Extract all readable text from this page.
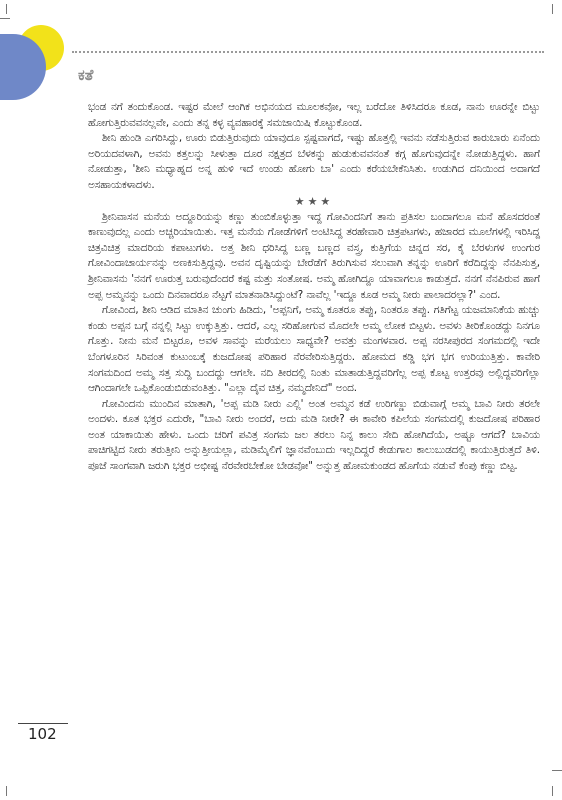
ಕತೆ

ಭಂಡ ನಗೆ ತಂದುಕೊಂಡ. ಇಷ್ಟರ ಮೇಲೆ ಆಂಗಿಕ ಅಭಿನಯದ ಮೂಲಕವೋ, ಇಲ್ಲ ಬರೆದೋ ತಿಳಿಸಿದರೂ ಕೂಡ, ನಾನು ಊರನ್ನೇ ಬಿಟ್ಟು ಹೋಗುತ್ತಿರುವವನಲ್ಲವೇ, ಎಂದು ತನ್ನ ಕಳ್ಳ ವ್ಯವಹಾರಕ್ಕೆ ಸಮಜಾಯಿಷಿ ಕೊಟ್ಟುಕೊಂಡ.

ಶೀನಿ ಹುಂಡಿ ಎಗರಿಸಿದ್ದು, ಊರು ಬಿಡುತ್ತಿರುವುದು ಯಾವುದೂ ಸ್ಪಷ್ಟವಾಗದೆ, ಇಷ್ಟು ಹೊತ್ತಲ್ಲಿ ಇವನು ನಡೆಸುತ್ತಿರುವ ಕಾರುಬಾರು ಏನೆಂದು ಅರಿಯದವಳಾಗಿ, ಅವನು ಕತ್ತಲನ್ನು ಸೀಳುತ್ತಾ ದೂರ ನಕ್ಷತ್ರದ ಬೆಳಕನ್ನು ಹುಡುಕುವವನಂತೆ ಕಗ್ಗ ಹೊಗುವುದನ್ನೇ ನೋಡುತ್ತಿದ್ದಳು. ಹಾಗೆ ನೋಡುತ್ತಾ, 'ಶೀನಿ ಮಧ್ಯಾಹ್ನದ ಅನ್ನ ಹುಳಿ ಇದೆ ಉಂಡು ಹೋಗು ಬಾ' ಎಂದು ಕರೆಯಬೇಕೆನಿಸಿತು. ಉಡುಗಿದ ದನಿಯಿಂದ ಅದಾಗದೆ ಅಸಹಾಯಕಳಾದಳು.

★★★

ಶ್ರೀನಿವಾಸನ ಮನೆಯ ಅದ್ದೂರಿಯನ್ನು ಕಣ್ಣು ತುಂಬಿಕೊಳ್ಳುತ್ತಾ ಇದ್ದ ಗೋವಿಂದನಿಗೆ ತಾನು ಪ್ರತಿಸಲ ಬಂದಾಗಲೂ ಮನೆ ಹೊಸದರಂತೆ ಕಾಣುವುದಲ್ಲ ಎಂದು ಅಚ್ಚರಿಯಾಯಿತು. ಇತ್ತ ಮನೆಯ ಗೋಡೆಗಳಿಗೆ ಅಂಟಿಸಿದ್ದ ತರಹೇವಾರಿ ಚಿತ್ರಪಟಗಳು, ಹಜಾರದ ಮೂಲೆಗಳಲ್ಲಿ ಇರಿಸಿದ್ದ ಚಿತ್ರವಿಚಿತ್ರ ಮಾದರಿಯ ಕಪಾಟುಗಳು. ಅತ್ತ ಶೀನಿ ಧರಿಸಿದ್ದ ಬಣ್ಣ ಬಣ್ಣದ ವಸ್ತ್ರ, ಕುತ್ತಿಗೆಯ ಚಿನ್ನದ ಸರ, ಕೈ ಬೆರಳುಗಳ ಉಂಗುರ ಗೋವಿಂದಾಚಾರ್ಯನನ್ನು ಅಣಕಿಸುತ್ತಿದ್ದವು. ಅವನ ದೃಷ್ಟಿಯನ್ನು ಬೇರೆಡೆಗೆ ತಿರುಗಿಸುವ ಸಲುವಾಗಿ ತನ್ನನ್ನು ಊರಿಗೆ ಕರೆದಿದ್ದನ್ನು ನೆನಪಿಸುತ್ತ, ಶ್ರೀನಿವಾಸನು 'ನನಗೆ ಊರುತ್ತ ಬರುವುದೆಂದರೆ ಕಷ್ಟ ಮತ್ತು ಸಂತೋಷ. ಅಮ್ಮ ಹೋಗಿದ್ದೂ ಯಾವಾಗಲೂ ಕಾಡುತ್ತದೆ. ನನಗೆ ನೆನಪಿರುವ ಹಾಗೆ ಅಪ್ಪ ಅಮ್ಮನನ್ನು ಒಂದು ದಿನವಾದರೂ ನೆಟ್ಟಗೆ ಮಾತನಾಡಿಸಿದ್ದುಂಟೆ? ನಾವೆಲ್ಲ 'ಇದ್ದೂ ಕೂಡ ಅಮ್ಮ ನೀರು ಪಾಲಾದರಲ್ಲಾ?' ಎಂದ.

ಗೋವಿಂದ, ಶೀನಿ ಆಡಿದ ಮಾತಿನ ಚುಂಗು ಹಿಡಿದು, 'ಅಪ್ಪನಿಗೆ, ಅಮ್ಮ ಕೂತರೂ ತಪ್ಪು, ನಿಂತರೂ ತಪ್ಪು. ಗತಿಗೆಟ್ಟ ಯಜಮಾನಿಕೆಯ ಹುಚ್ಚು ಕಂಡು ಅಪ್ಪನ ಬಗ್ಗೆ ನನ್ನಲ್ಲಿ ಸಿಟ್ಟು ಉಕ್ಕುತ್ತಿತ್ತು. ಆದರೆ, ಎಲ್ಲ ಸರಿಹೋಗುವ ಮೊದಲೇ ಅಮ್ಮ ಲೋಕ ಬಿಟ್ಟಳು. ಅವಳು ತೀರಿಕೊಂಡದ್ದು ನಿನಗೂ ಗೊತ್ತು. ನೀನು ಮನೆ ಬಿಟ್ಟರೂ, ಅವಳ ಸಾವನ್ನು ಮರೆಯಲು ಸಾಧ್ಯವೇ? ಅವತ್ತು ಮಂಗಳವಾರ. ಅಪ್ಪ ನರಸೀಪುರದ ಸಂಗಮದಲ್ಲಿ ಇದೇ ಬೆಂಗಳೂರಿನ ಸಿರಿವಂತ ಕುಟುಂಬಕ್ಕೆ ಕುಜದೋಷ ಪರಿಹಾರ ನೆರವೇರಿಸುತ್ತಿದ್ದರು. ಹೋಮದ ಕಡ್ಡಿ ಭಗ ಭಗ ಉರಿಯುತ್ತಿತ್ತು. ಕಾವೇರಿ ಸಂಗಮದಿಂದ ಅಮ್ಮ ಸತ್ತ ಸುದ್ದಿ ಬಂದದ್ದು ಆಗಲೇ. ನದಿ ತೀರದಲ್ಲಿ ನಿಂತು ಮಾತಾಡುತ್ತಿದ್ದವರಿಗೆಲ್ಲ ಅಪ್ಪ ಕೊಟ್ಟ ಉತ್ತರವು ಅಲ್ಲಿದ್ದವರಿಗೆಲ್ಲಾ ಆಗಿಂದಾಗಲೇ ಒಪ್ಪಿಕೊಂಡುಬಿಡುವಂತಿತ್ತು. "ಎಲ್ಲಾ ದೈವ ಚಿತ್ತ, ನಮ್ಮದೇನಿದೆ" ಅಂದ.

ಗೋವಿಂದನು ಮುಂದಿನ ಮಾತಾಗಿ, 'ಅಪ್ಪ ಮಡಿ ನೀರು ಎಲ್ಲಿ' ಅಂತ ಅಮ್ಮನ ಕಡೆ ಉರಿಗಣ್ಣು ಬಿಡುವಾಗ್ಗೆ ಅಮ್ಮ ಬಾವಿ ನೀರು ತರಲೇ ಅಂದಳು. ಕೂತ ಭಕ್ತರ ಎದುರೇ, "ಬಾವಿ ನೀರು ಅಂದರೆ, ಅದು ಮಡಿ ನೀರೇ? ಈ ಕಾವೇರಿ ಕಪಿಲೆಯ ಸಂಗಮದಲ್ಲಿ ಕುಜದೋಷ ಪರಿಹಾರ ಅಂತ ಯಾಕಾಯಿತು ಹೇಳು. ಒಂದು ಚರಿಗೆ ಪವಿತ್ರ ಸಂಗಮ ಜಲ ತರಲು ನಿನ್ನ ಕಾಲು ಸೇದಿ ಹೋಗಿದೆಯೆ, ಅಷ್ಟೂ ಆಗದೆ? ಬಾವಿಯ ಪಾಚಿಗಟ್ಟಿದ ನೀರು ತರುತ್ತೀನಿ ಅನ್ನುತ್ತೀಯಲ್ಲಾ, ಮಡಿಮೈಲಿಗೆ ಜ್ಞಾನವೆಂಬುದು ಇಲ್ಲದಿದ್ದರೆ ಕೇಡುಗಾಲ ಕಾಲುಬುಡದಲ್ಲಿ ಕಾಯುತ್ತಿರುತ್ತದೆ ತಿಳಿ. ಪೂಜೆ ಸಾಂಗವಾಗಿ ಜರುಗಿ ಭಕ್ತರ ಅಭೀಷ್ಟ ನೆರವೇರಬೇಕೋ ಬೇಡವೋ" ಅನ್ನುತ್ತ ಹೋಮಕುಂಡದ ಹೊಗೆಯ ನಡುವೆ ಕೆಂಪು ಕಣ್ಣು ಬಿಟ್ಟ.

102
